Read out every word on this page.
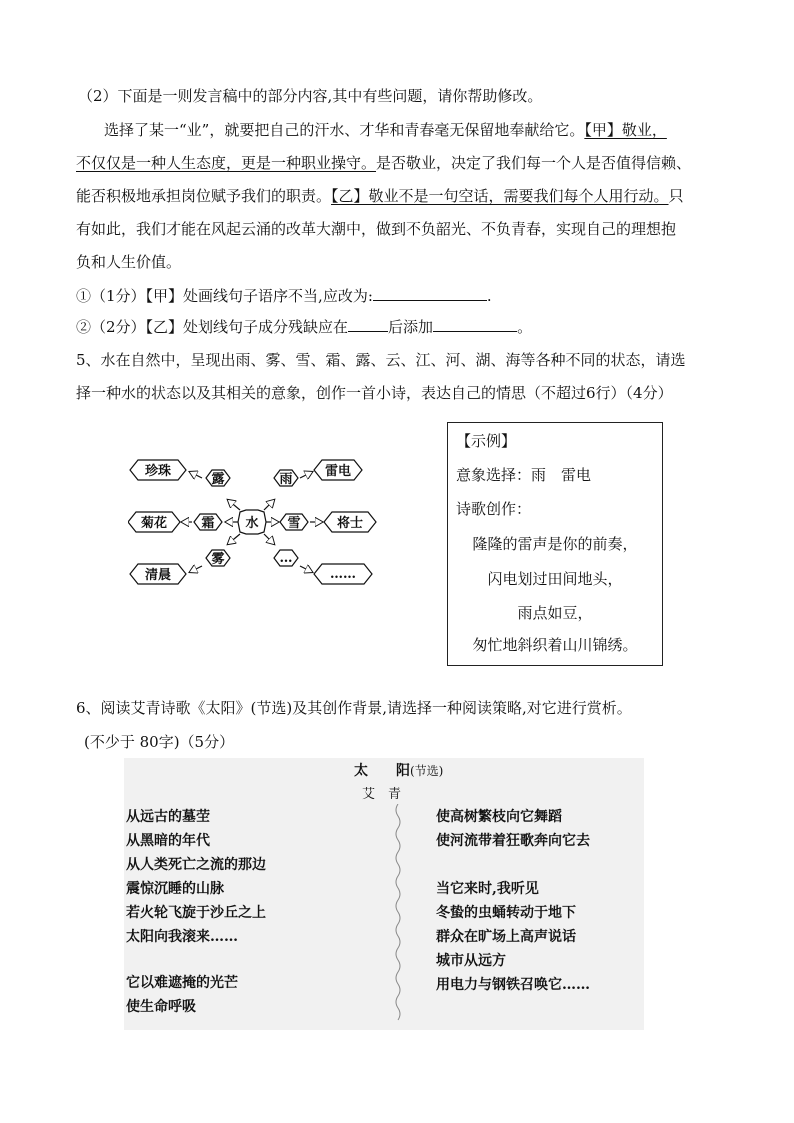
（2）下面是一则发言稿中的部分内容,其中有些问题，请你帮助修改。
选择了某一“业”，就要把自己的汗水、才华和青春毫无保留地奉献给它。【甲】敬业，
不仅仅是一种人生态度，更是一种职业操守。是否敬业，决定了我们每一个人是否值得信赖、
能否积极地承担岗位赋予我们的职责。【乙】敬业不是一句空话，需要我们每个人用行动。只
有如此，我们才能在风起云涌的改革大潮中，做到不负韶光、不负青春，实现自己的理想抱
负和人生价值。
①（1分）【甲】处画线句子语序不当,应改为:	.
②（2分）【乙】处划线句子成分残缺应在	后添加	。
5、水在自然中，呈现出雨、雾、雪、霜、露、云、江、河、湖、海等各种不同的状态，请选
择一种水的状态以及其相关的意象，创作一首小诗，表达自己的情思（不超过6行）（4分）
水
露	雨
霜	雪
雾	…
珍珠	雷电
菊花	将士
清晨	……
【示例】
意象选择：雨　雷电
诗歌创作：
隆隆的雷声是你的前奏，
闪电划过田间地头，
雨点如豆，
匆忙地斜织着山川锦绣。
6、阅读艾青诗歌《太阳》(节选)及其创作背景,请选择一种阅读策略,对它进行赏析。
(不少于 80字)（5分）
太　　阳(节选)
艾　青
从远古的墓茔
从黑暗的年代
从人类死亡之流的那边
震惊沉睡的山脉
若火轮飞旋于沙丘之上
太阳向我滚来……
它以难遮掩的光芒
使生命呼吸
使高树繁枝向它舞蹈
使河流带着狂歌奔向它去
当它来时,我听见
冬蛰的虫蛹转动于地下
群众在旷场上高声说话
城市从远方
用电力与钢铁召唤它……
